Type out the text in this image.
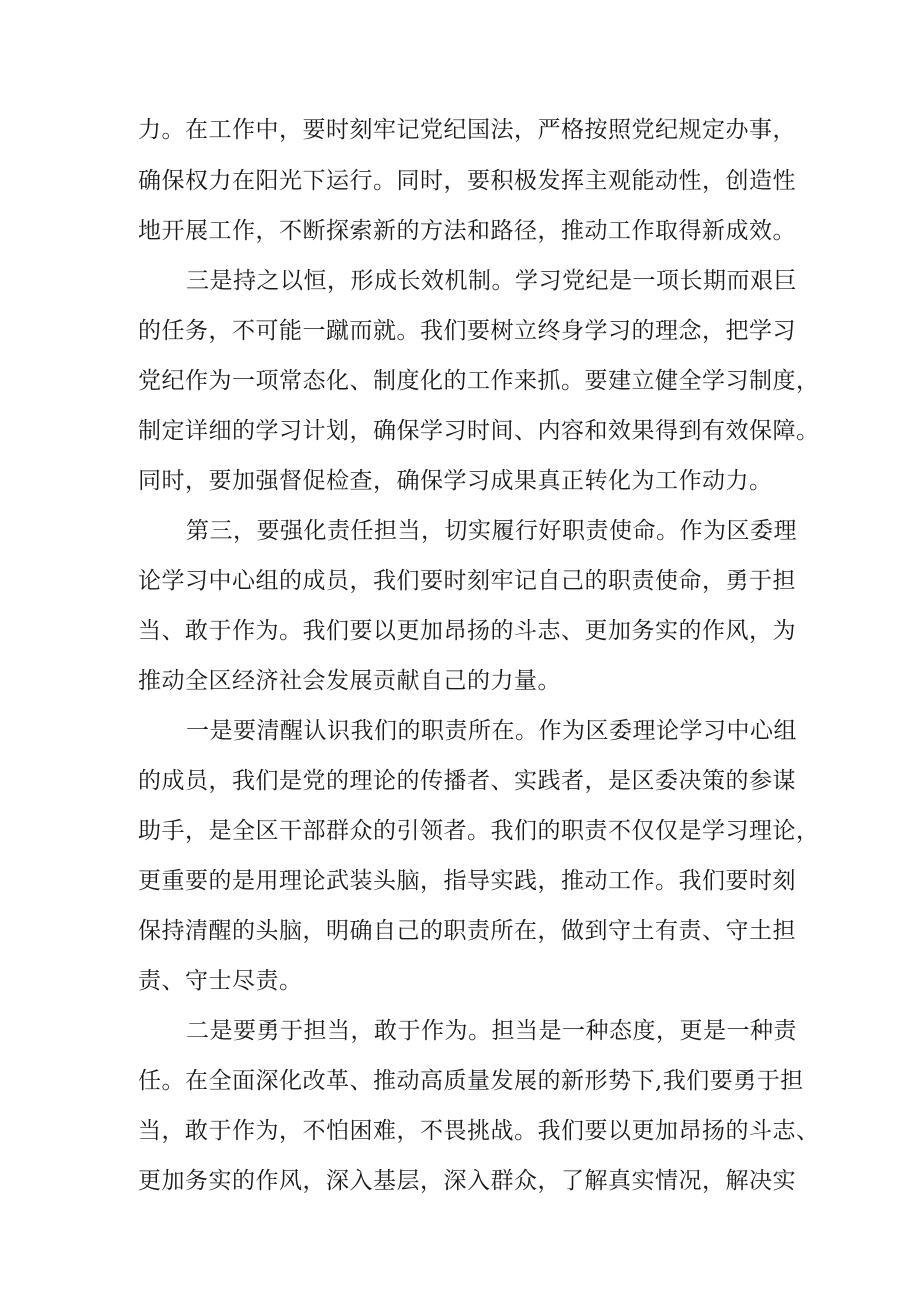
力。在工作中，要时刻牢记党纪国法，严格按照党纪规定办事，
确保权力在阳光下运行。同时，要积极发挥主观能动性，创造性
地开展工作，不断探索新的方法和路径，推动工作取得新成效。
三是持之以恒，形成长效机制。学习党纪是一项长期而艰巨
的任务，不可能一蹴而就。我们要树立终身学习的理念，把学习
党纪作为一项常态化、制度化的工作来抓。要建立健全学习制度，
制定详细的学习计划，确保学习时间、内容和效果得到有效保障。
同时，要加强督促检查，确保学习成果真正转化为工作动力。
第三，要强化责任担当，切实履行好职责使命。作为区委理
论学习中心组的成员，我们要时刻牢记自己的职责使命，勇于担
当、敢于作为。我们要以更加昂扬的斗志、更加务实的作风，为
推动全区经济社会发展贡献自己的力量。
一是要清醒认识我们的职责所在。作为区委理论学习中心组
的成员，我们是党的理论的传播者、实践者，是区委决策的参谋
助手，是全区干部群众的引领者。我们的职责不仅仅是学习理论，
更重要的是用理论武装头脑，指导实践，推动工作。我们要时刻
保持清醒的头脑，明确自己的职责所在，做到守土有责、守土担
责、守士尽责。
二是要勇于担当，敢于作为。担当是一种态度，更是一种责
任。在全面深化改革、推动高质量发展的新形势下,我们要勇于担
当，敢于作为，不怕困难，不畏挑战。我们要以更加昂扬的斗志、
更加务实的作风，深入基层，深入群众，了解真实情况，解决实
